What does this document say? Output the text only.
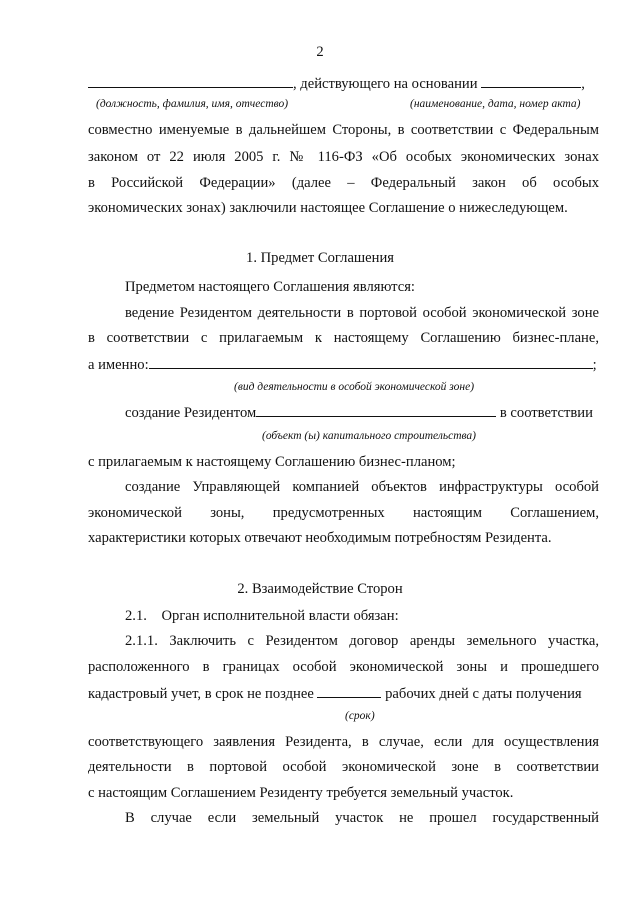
2
, действующего на основании	,
(должность, фамилия, имя, отчество)	(наименование, дата, номер акта)
совместно именуемые в дальнейшем Стороны, в соответствии с Федеральным
законом от 22 июля 2005 г. № 116-ФЗ «Об особых экономических зонах
в Российской Федерации» (далее – Федеральный закон об особых
экономических зонах) заключили настоящее Соглашение о нижеследующем.
1. Предмет Соглашения
Предметом настоящего Соглашения являются:
ведение Резидентом деятельности в портовой особой экономической зоне
в соответствии с прилагаемым к настоящему Соглашению бизнес-плане,
а именно:	;
(вид деятельности в особой экономической зоне)
создание Резидентом	в соответствии
(объект (ы) капитального строительства)
с прилагаемым к настоящему Соглашению бизнес-планом;
создание Управляющей компанией объектов инфраструктуры особой
экономической зоны, предусмотренных настоящим Соглашением,
характеристики которых отвечают необходимым потребностям Резидента.
2. Взаимодействие Сторон
2.1.    Орган исполнительной власти обязан:
2.1.1. Заключить с Резидентом договор аренды земельного участка,
расположенного в границах особой экономической зоны и прошедшего
кадастровый учет, в срок не позднее	рабочих дней с даты получения
(срок)
соответствующего заявления Резидента, в случае, если для осуществления
деятельности в портовой особой экономической зоне в соответствии
с настоящим Соглашением Резиденту требуется земельный участок.
В случае если земельный участок не прошел государственный
